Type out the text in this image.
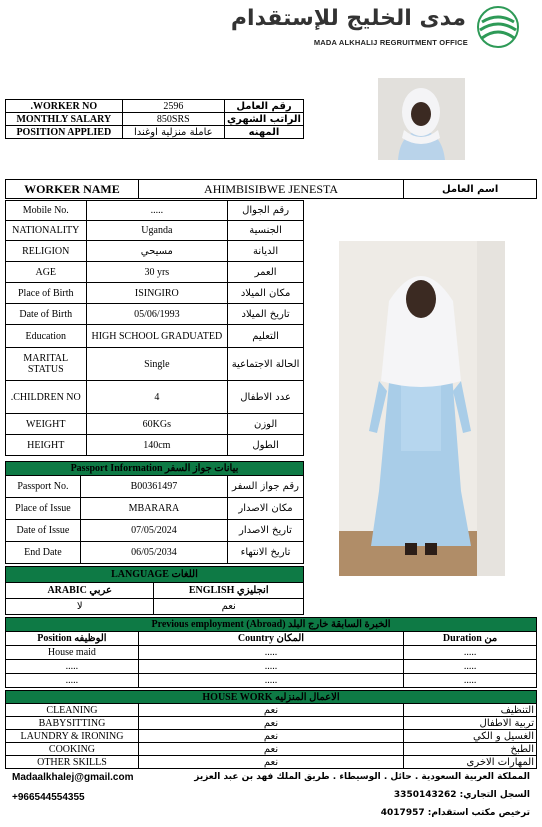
مدى الخليج للإستقدام
MADA ALKHALIJ REGRUITMENT OFFICE
.WORKER NO	2596	رقم العامل
MONTHLY SALARY	850SRS	الراتب الشهري
POSITION APPLIED	عاملة منزلية اوغندا	المهنه
WORKER NAME	AHIMBISIBWE JENESTA	اسم العامل
Mobile No.	.....	رقم الجوال
NATIONALITY	Uganda	الجنسية
RELIGION	مسيحي	الديانة
AGE	30 yrs	العمر
Place of Birth	ISINGIRO	مكان الميلاد
Date of Birth	05/06/1993	تاريخ الميلاد
Education	HIGH SCHOOL GRADUATED	التعليم
MARITAL STATUS	Single	الحالة الاجتماعية
.CHILDREN NO	4	عدد الاطفال
WEIGHT	60KGs	الوزن
HEIGHT	140cm	الطول
Passport Information بيانات جواز السفر		
Passport No.	B00361497	رقم جواز السفر
Place of Issue	MBARARA	مكان الاصدار
Date of Issue	07/05/2024	تاريخ الاصدار
End Date	06/05/2034	تاريخ الانتهاء
LANGUAGE اللغات	
ARABIC عربي	ENGLISH انجليزي
لا	نعم
Previous employment (Abroad) الخبرة السابقة خارج البلد		
Position الوظيفه	Country المكان	Duration من
House maid	.....	.....
.....	.....	.....
.....	.....	.....
HOUSE WORK الاعمال المنزليه		
CLEANING	نعم	التنظيف
BABYSITTING	نعم	تربية الاطفال
LAUNDRY & IRONING	نعم	الغسيل و الكي
COOKING	نعم	الطبخ
OTHER SKILLS	نعم	المهارات الاخرى
Madaalkhalej@gmail.com
+966544554355
المملكة العربية السعودية . حائل . الوسيطاء . طريق الملك فهد بن عبد العزيز
السجل التجاري: 3350143262
ترخيص مكتب استقدام: 4017957
